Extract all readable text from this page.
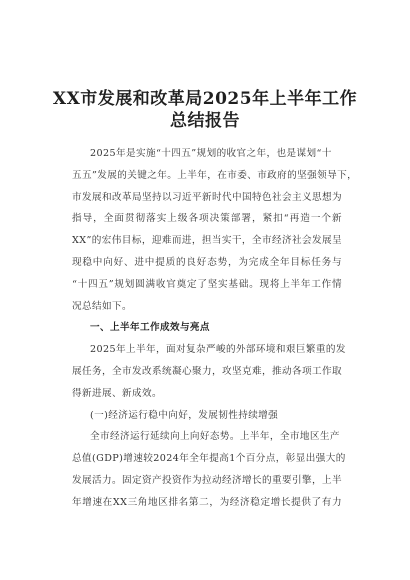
XX市发展和改革局2025年上半年工作
总结报告
2025年是实施“十四五”规划的收官之年，也是谋划“十
五五”发展的关键之年。上半年，在市委、市政府的坚强领导下，
市发展和改革局坚持以习近平新时代中国特色社会主义思想为
指导，全面贯彻落实上级各项决策部署，紧扣“再造一个新
XX”的宏伟目标，迎难而进，担当实干，全市经济社会发展呈
现稳中向好、进中提质的良好态势，为完成全年目标任务与
“十四五”规划圆满收官奠定了坚实基础。现将上半年工作情
况总结如下。
一、上半年工作成效与亮点
2025年上半年，面对复杂严峻的外部环境和艰巨繁重的发
展任务，全市发改系统凝心聚力，攻坚克难，推动各项工作取
得新进展、新成效。
(一)经济运行稳中向好，发展韧性持续增强
全市经济运行延续向上向好态势。上半年，全市地区生产
总值(GDP)增速较2024年全年提高1个百分点，彰显出强大的
发展活力。固定资产投资作为拉动经济增长的重要引擎，上半
年增速在XX三角地区排名第二，为经济稳定增长提供了有力
